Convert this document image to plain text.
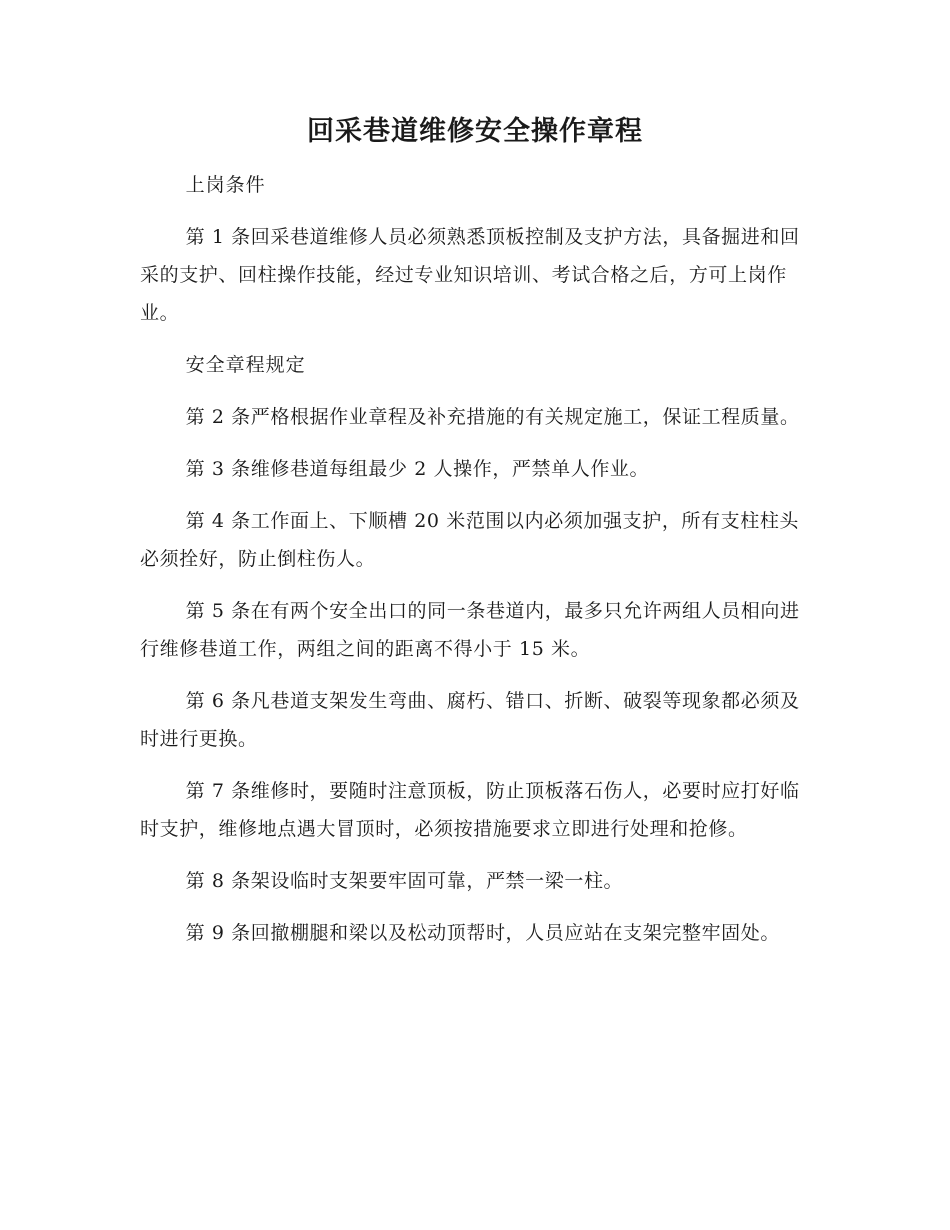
回采巷道维修安全操作章程

上岗条件

第 1 条回采巷道维修人员必须熟悉顶板控制及支护方法，具备掘进和回采的支护、回柱操作技能，经过专业知识培训、考试合格之后，方可上岗作业。

安全章程规定

第 2 条严格根据作业章程及补充措施的有关规定施工，保证工程质量。

第 3 条维修巷道每组最少 2 人操作，严禁单人作业。

第 4 条工作面上、下顺槽 20 米范围以内必须加强支护，所有支柱柱头必须拴好，防止倒柱伤人。

第 5 条在有两个安全出口的同一条巷道内，最多只允许两组人员相向进行维修巷道工作，两组之间的距离不得小于 15 米。

第 6 条凡巷道支架发生弯曲、腐朽、错口、折断、破裂等现象都必须及时进行更换。

第 7 条维修时，要随时注意顶板，防止顶板落石伤人，必要时应打好临时支护，维修地点遇大冒顶时，必须按措施要求立即进行处理和抢修。

第 8 条架设临时支架要牢固可靠，严禁一梁一柱。

第 9 条回撤棚腿和梁以及松动顶帮时，人员应站在支架完整牢固处。
